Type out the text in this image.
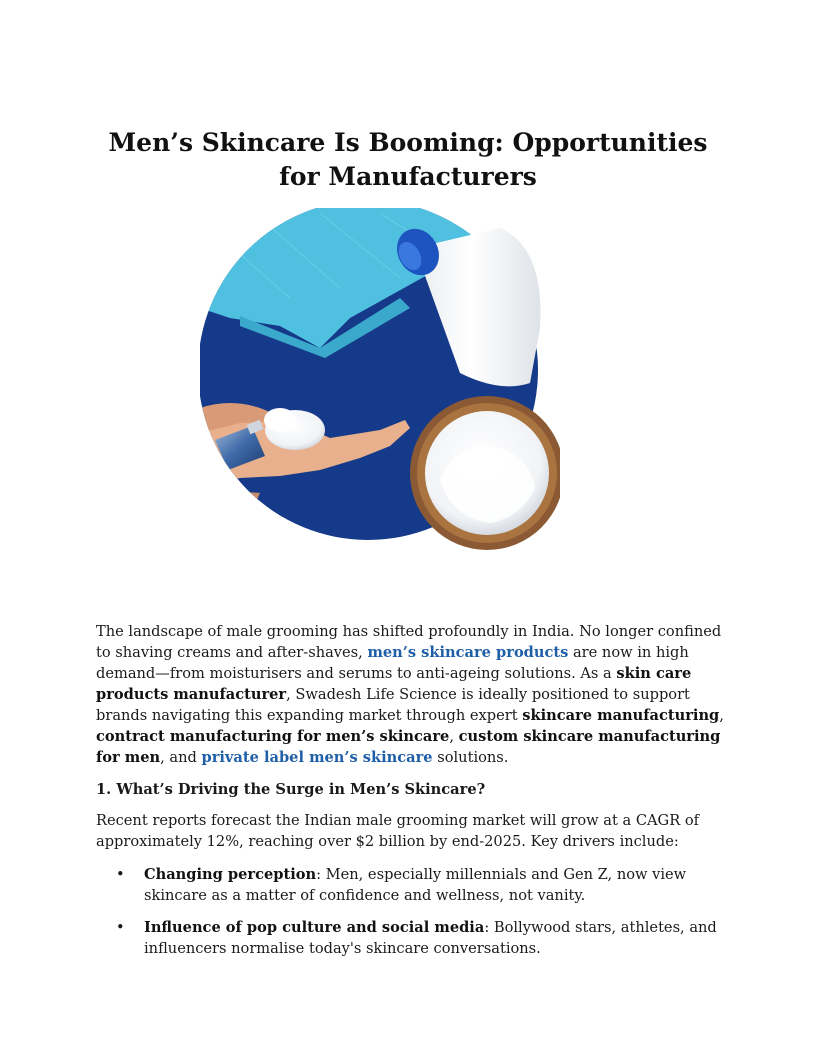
Men’s Skincare Is Booming: Opportunities for Manufacturers

The landscape of male grooming has shifted profoundly in India. No longer confined to shaving creams and after-shaves, men’s skincare products are now in high demand—from moisturisers and serums to anti-ageing solutions. As a skin care products manufacturer, Swadesh Life Science is ideally positioned to support brands navigating this expanding market through expert skincare manufacturing, contract manufacturing for men’s skincare, custom skincare manufacturing for men, and private label men’s skincare solutions.

1. What’s Driving the Surge in Men’s Skincare?

Recent reports forecast the Indian male grooming market will grow at a CAGR of approximately 12%, reaching over $2 billion by end-2025. Key drivers include:

• Changing perception: Men, especially millennials and Gen Z, now view skincare as a matter of confidence and wellness, not vanity.
• Influence of pop culture and social media: Bollywood stars, athletes, and influencers normalise today's skincare conversations.
